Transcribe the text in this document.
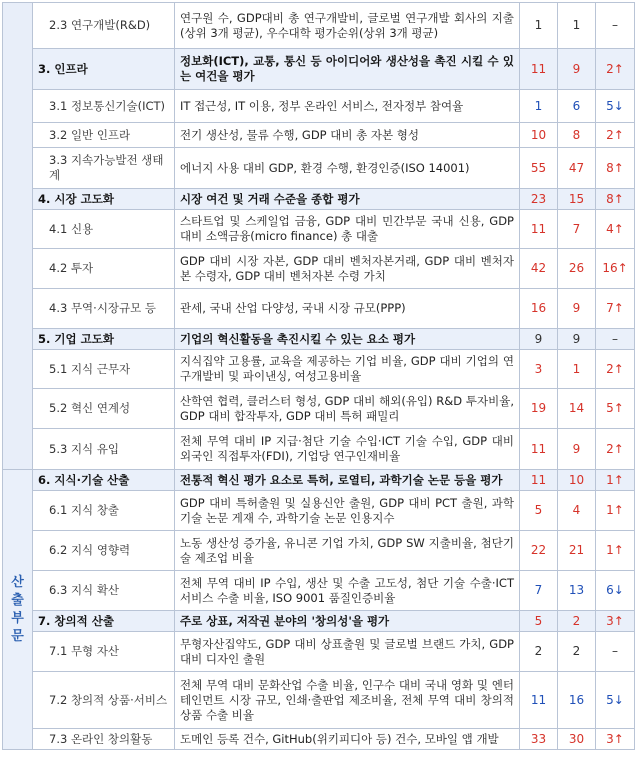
	2.3 연구개발(R&D)	연구원 수, GDP대비 총 연구개발비, 글로벌 연구개발 회사의 지출(상위 3개 평균), 우수대학 평가순위(상위 3개 평균)	1	1	–
	3. 인프라	정보화(ICT), 교통, 통신 등 아이디어와 생산성을 촉진 시킬 수 있는 여건을 평가	11	9	2↑
	3.1 정보통신기술(ICT)	IT 접근성, IT 이용, 정부 온라인 서비스, 전자정부 참여율	1	6	5↓
	3.2 일반 인프라	전기 생산성, 물류 수행, GDP 대비 총 자본 형성	10	8	2↑
	3.3 지속가능발전 생태계	에너지 사용 대비 GDP, 환경 수행, 환경인증(ISO 14001)	55	47	8↑
	4. 시장 고도화	시장 여건 및 거래 수준을 종합 평가	23	15	8↑
	4.1 신용	스타트업 및 스케일업 금융, GDP 대비 민간부문 국내 신용, GDP 대비 소액금융(micro finance) 총 대출	11	7	4↑
	4.2 투자	GDP 대비 시장 자본, GDP 대비 벤처자본거래, GDP 대비 벤처자본 수령자, GDP 대비 벤처자본 수령 가치	42	26	16↑
	4.3 무역·시장규모 등	관세, 국내 산업 다양성, 국내 시장 규모(PPP)	16	9	7↑
	5. 기업 고도화	기업의 혁신활동을 촉진시킬 수 있는 요소 평가	9	9	–
	5.1 지식 근무자	지식집약 고용률, 교육을 제공하는 기업 비율, GDP 대비 기업의 연구개발비 및 파이낸싱, 여성고용비율	3	1	2↑
	5.2 혁신 연계성	산학연 협력, 클러스터 형성, GDP 대비 해외(유입) R&D 투자비율, GDP 대비 합작투자, GDP 대비 특허 패밀리	19	14	5↑
	5.3 지식 유입	전체 무역 대비 IP 지급·첨단 기술 수입·ICT 기술 수입, GDP 대비 외국인 직접투자(FDI), 기업당 연구인재비율	11	9	2↑
산출부문	6. 지식·기술 산출	전통적 혁신 평가 요소로 특허, 로열티, 과학기술 논문 등을 평가	11	10	1↑
	6.1 지식 창출	GDP 대비 특허출원 및 실용신안 출원, GDP 대비 PCT 출원, 과학기술 논문 게재 수, 과학기술 논문 인용지수	5	4	1↑
	6.2 지식 영향력	노동 생산성 증가율, 유니콘 기업 가치, GDP SW 지출비율, 첨단기술 제조업 비율	22	21	1↑
	6.3 지식 확산	전체 무역 대비 IP 수입, 생산 및 수출 고도성, 첨단 기술 수출·ICT 서비스 수출 비율, ISO 9001 품질인증비율	7	13	6↓
	7. 창의적 산출	주로 상표, 저작권 분야의 '창의성'을 평가	5	2	3↑
	7.1 무형 자산	무형자산집약도, GDP 대비 상표출원 및 글로벌 브랜드 가치, GDP 대비 디자인 출원	2	2	–
	7.2 창의적 상품·서비스	전체 무역 대비 문화산업 수출 비율, 인구수 대비 국내 영화 및 엔터테인먼트 시장 규모, 인쇄·출판업 제조비율, 전체 무역 대비 창의적 상품 수출 비율	11	16	5↓
	7.3 온라인 창의활동	도메인 등록 건수, GitHub(위키피디아 등) 건수, 모바일 앱 개발	33	30	3↑
